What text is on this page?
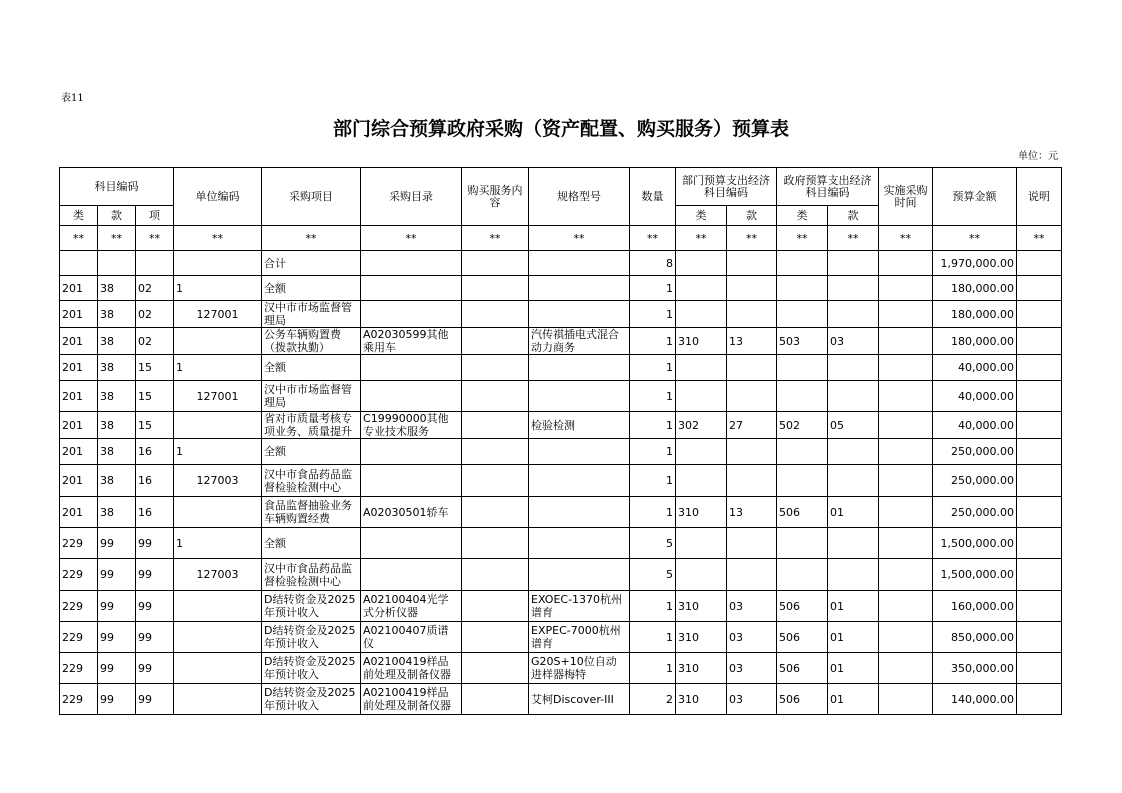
表11
部门综合预算政府采购（资产配置、购买服务）预算表
单位：元
科目编码			单位编码	采购项目	采购目录	购买服务内容	规格型号	数量	部门预算支出经济科目编码		政府预算支出经济科目编码		实施采购时间	预算金额	说明
类	款	项							类	款	类	款			
**	**	**	**	**	**	**	**	**	**	**	**	**	**	**	**

				合计				8						1,970,000.00	
201	38	02	1	全额				1						180,000.00	
201	38	02	127001	汉中市市场监督管理局				1						180,000.00	
201	38	02		公务车辆购置费（拨款执勤）	A02030599其他乘用车		汽传祺插电式混合动力商务	1	310	13	503	03		180,000.00	
201	38	15	1	全额				1						40,000.00	
201	38	15	127001	汉中市市场监督管理局				1						40,000.00	
201	38	15		省对市质量考核专项业务、质量提升	C19990000其他专业技术服务		检验检测	1	302	27	502	05		40,000.00	
201	38	16	1	全额				1						250,000.00	
201	38	16	127003	汉中市食品药品监督检验检测中心				1						250,000.00	
201	38	16		食品监督抽验业务车辆购置经费	A02030501轿车			1	310	13	506	01		250,000.00	
229	99	99	1	全额				5						1,500,000.00	
229	99	99	127003	汉中市食品药品监督检验检测中心				5						1,500,000.00	
229	99	99		D结转资金及2025年预计收入	A02100404光学式分析仪器		EXOEC-1370杭州谱育	1	310	03	506	01		160,000.00	
229	99	99		D结转资金及2025年预计收入	A02100407质谱仪		EXPEC-7000杭州谱育	1	310	03	506	01		850,000.00	
229	99	99		D结转资金及2025年预计收入	A02100419样品前处理及制备仪器		G20S+10位自动进样器梅特	1	310	03	506	01		350,000.00	
229	99	99		D结转资金及2025年预计收入	A02100419样品前处理及制备仪器		艾柯Discover-III	2	310	03	506	01		140,000.00	
